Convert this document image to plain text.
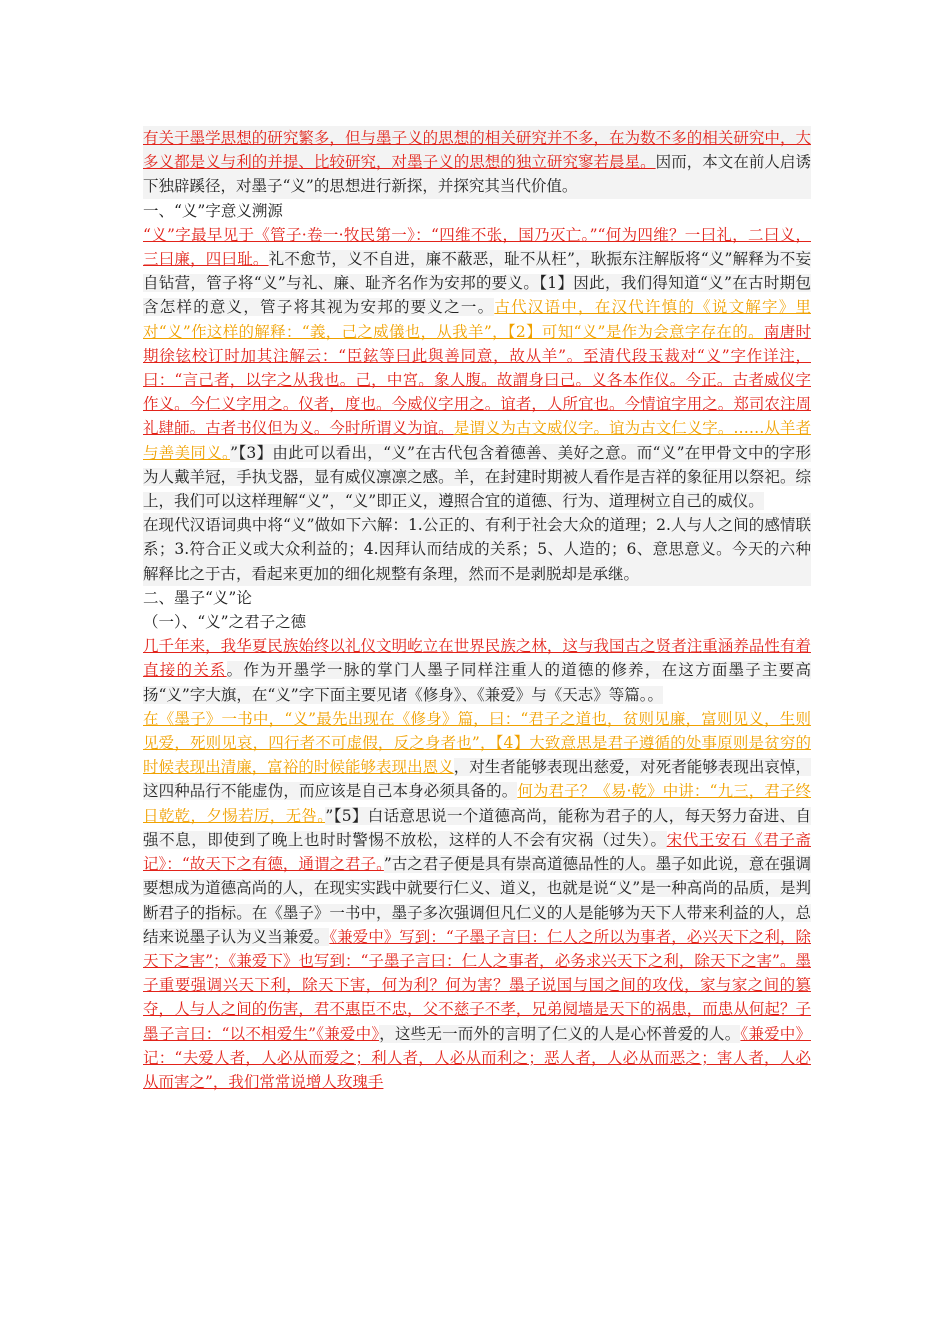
有关于墨学思想的研究繁多，但与墨子义的思想的相关研究并不多，在为数不多的相关研究中，大多义都是义与利的并提、比较研究，对墨子义的思想的独立研究寥若晨星。因而，本文在前人启诱下独辟蹊径，对墨子“义”的思想进行新探，并探究其当代价值。

一、“义”字意义溯源

“义”字最早见于《管子·卷一·牧民第一》：“四维不张，国乃灭亡。”“何为四维？一曰礼，二曰义，三曰廉，四曰耻。礼不愈节，义不自进，廉不蔽恶，耻不从枉”，耿振东注解版将“义”解释为不妄自钻营，管子将“义”与礼、廉、耻齐名作为安邦的要义。【1】因此，我们得知道“义”在古时期包含怎样的意义，管子将其视为安邦的要义之一。古代汉语中，在汉代许慎的《说文解字》里对“义”作这样的解释：“義，己之威儀也，从我羊”，【2】可知“义”是作为会意字存在的。南唐时期徐铉校订时加其注解云：“臣鉉等曰此與善同意，故从羊”。至清代段玉裁对“义”字作详注，曰：“言己者，以字之从我也。己，中宮。象人腹。故謂身曰己。义各本作仪。今正。古者威仪字作义。今仁义字用之。仪者，度也。今威仪字用之。谊者，人所宜也。今情谊字用之。郑司农注周礼肆師。古者书仪但为义。今时所谓义为谊。是谓义为古文威仪字。谊为古文仁义字。……从羊者与善美同义。”【3】由此可以看出，“义”在古代包含着德善、美好之意。而“义”在甲骨文中的字形为人戴羊冠，手执戈器，显有威仪凛凛之感。羊，在封建时期被人看作是吉祥的象征用以祭祀。综上，我们可以这样理解“义”，“义”即正义，遵照合宜的道德、行为、道理树立自己的威仪。

在现代汉语词典中将“义”做如下六解：1.公正的、有利于社会大众的道理；2.人与人之间的感情联系；3.符合正义或大众利益的；4.因拜认而结成的关系；5、人造的；6、意思意义。今天的六种解释比之于古，看起来更加的细化规整有条理，然而不是剥脱却是承继。

二、墨子“义”论

（一）、“义”之君子之德

几千年来，我华夏民族始终以礼仪文明屹立在世界民族之林，这与我国古之贤者注重涵养品性有着直接的关系。作为开墨学一脉的掌门人墨子同样注重人的道德的修养，在这方面墨子主要高扬“义”字大旗，在“义”字下面主要见诸《修身》、《兼爱》与《天志》等篇。。

在《墨子》一书中，“义”最先出现在《修身》篇，曰：“君子之道也，贫则见廉，富则见义，生则见爱，死则见哀，四行者不可虚假，反之身者也”，【4】大致意思是君子遵循的处事原则是贫穷的时候表现出清廉，富裕的时候能够表现出恩义，对生者能够表现出慈爱，对死者能够表现出哀悼，这四种品行不能虚伪，而应该是自己本身必须具备的。何为君子？《易·乾》中讲：“九三，君子终日乾乾，夕惕若厉，无咎。”【5】白话意思说一个道德高尚，能称为君子的人，每天努力奋进、自强不息，即使到了晚上也时时警惕不放松，这样的人不会有灾祸（过失）。宋代王安石《君子斋记》：“故天下之有德，通谓之君子。”古之君子便是具有崇高道德品性的人。墨子如此说，意在强调要想成为道德高尚的人，在现实实践中就要行仁义、道义，也就是说“义”是一种高尚的品质，是判断君子的指标。在《墨子》一书中，墨子多次强调但凡仁义的人是能够为天下人带来利益的人，总结来说墨子认为义当兼爱。《兼爱中》写到：“子墨子言曰：仁人之所以为事者，必兴天下之利，除天下之害”；《兼爱下》也写到：“子墨子言曰：仁人之事者，必务求兴天下之利，除天下之害”。墨子重要强调兴天下利，除天下害，何为利？何为害？墨子说国与国之间的攻伐，家与家之间的篡夺，人与人之间的伤害，君不惠臣不忠，父不慈子不孝，兄弟阋墙是天下的祸患，而患从何起？子墨子言曰：“以不相爱生”《兼爱中》，这些无一而外的言明了仁义的人是心怀普爱的人。《兼爱中》记：“夫爱人者，人必从而爱之；利人者，人必从而利之；恶人者，人必从而恶之；害人者，人必从而害之”，我们常常说增人玫瑰手
